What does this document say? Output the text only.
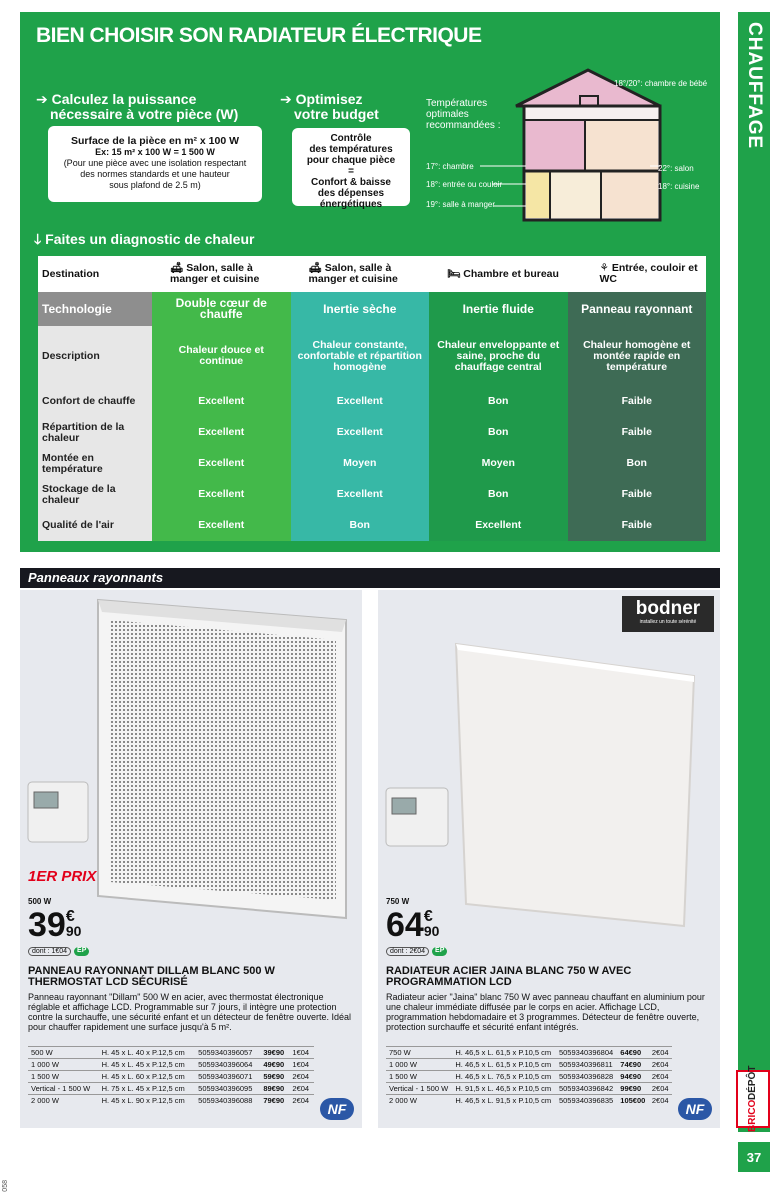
BIEN CHOISIR SON RADIATEUR ÉLECTRIQUE
➔ Calculez la puissance
nécessaire à votre pièce (W)
Surface de la pièce en m² x 100 W
Ex: 15 m² x 100 W = 1 500 W
(Pour une pièce avec une isolation respectant
des normes standards et une hauteur
sous plafond de 2.5 m)
➔ Optimisez
votre budget
Contrôle
des températures
pour chaque pièce
=
Confort & baisse
des dépenses
énergétiques
Températures
optimales
recommandées :
18°/20°: chambre de bébé
17°: chambre
18°: entrée ou couloir
19°: salle à manger
22°: salon
18°: cuisine
🡓 Faites un diagnostic de chaleur
Destination	🛋 Salon, salle à manger et cuisine	🛋 Salon, salle à manger et cuisine	🛏 Chambre et bureau	⚘ Entrée, couloir et WC
Technologie	Double cœur de chauffe	Inertie sèche	Inertie fluide	Panneau rayonnant
Description	Chaleur douce et continue	Chaleur constante, confortable et répartition homogène	Chaleur enveloppante et saine, proche du chauffage central	Chaleur homogène et montée rapide en température
Confort de chauffe	Excellent	Excellent	Bon	Faible
Répartition de la chaleur	Excellent	Excellent	Bon	Faible
Montée en température	Excellent	Moyen	Moyen	Bon
Stockage de la chaleur	Excellent	Excellent	Bon	Faible
Qualité de l'air	Excellent	Bon	Excellent	Faible
CHAUFFAGE
Panneaux rayonnants
1ER PRIX
500 W
39 €
90
dont : 1€04	EP
PANNEAU RAYONNANT DILLAM BLANC 500 W
THERMOSTAT LCD SÉCURISÉ
Panneau rayonnant "Dillam" 500 W en acier, avec thermostat électronique réglable et affichage LCD. Programmable sur 7 jours, il intègre une protection contre la surchauffe, une sécurité enfant et un détecteur de fenêtre ouverte. Idéal pour chauffer rapidement une surface jusqu'à 5 m².
500 W	H. 45 x L. 40 x P.12,5 cm	5059340396057	39€90	1€04
1 000 W	H. 45 x L. 45 x P.12,5 cm	5059340396064	49€90	1€04
1 500 W	H. 45 x L. 60 x P.12,5 cm	5059340396071	59€90	2€04
Vertical - 1 500 W	H. 75 x L. 45 x P.12,5 cm	5059340396095	89€90	2€04
2 000 W	H. 45 x L. 90 x P.12,5 cm	5059340396088	79€90	2€04
NF
bodner
installez un toute sérénité
750 W
64 €
90
dont : 2€04	EP
RADIATEUR ACIER JAINA BLANC 750 W AVEC
PROGRAMMATION LCD
Radiateur acier "Jaina" blanc 750 W avec panneau chauffant en aluminium pour une chaleur immédiate diffusée par le corps en acier. Affichage LCD, programmation hebdomadaire et 3 programmes. Détecteur de fenêtre ouverte, protection surchauffe et sécurité enfant intégrés.
750 W	H. 46,5 x L. 61,5 x P.10,5 cm	5059340396804	64€90	2€04
1 000 W	H. 46,5 x L. 61,5 x P.10,5 cm	5059340396811	74€90	2€04
1 500 W	H. 46,5 x L. 76,5 x P.10,5 cm	5059340396828	94€90	2€04
Vertical - 1 500 W	H. 91,5 x L. 46,5 x P.10,5 cm	5059340396842	99€90	2€04
2 000 W	H. 46,5 x L. 91,5 x P.10,5 cm	5059340396835	105€00	2€04
NF	BRICO
DÉPÔT
37
058
